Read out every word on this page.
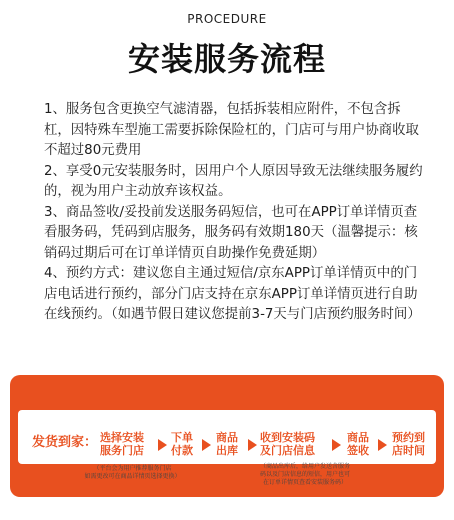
PROCEDURE
安装服务流程

1、服务包含更换空气滤清器，包括拆装相应附件，不包含拆杠，因特殊车型施工需要拆除保险杠的，门店可与用户协商收取不超过80元费用

2、享受0元安装服务时，因用户个人原因导致无法继续服务履约的，视为用户主动放弃该权益。

3、商品签收/妥投前发送服务码短信，也可在APP订单详情页查看服务码，凭码到店服务，服务码有效期180天（温馨提示：核销码过期后可在订单详情页自助操作免费延期）

4、预约方式：建议您自主通过短信/京东APP订单详情页中的门店电话进行预约，部分门店支持在京东APP订单详情页进行自助在线预约。（如遇节假日建议您提前3-7天与门店预约服务时间）

发货到家： 选择安装
服务门店
下单
付款
商品
出库
收到安装码
及门店信息
商品
签收
预约到
店时间
（平台会为用户推荐服务门店
如需更改可在商品详情页选择更换）
（商品出库后，给用户发送含服务
码以及门店信息的短信，用户也可
在订单详情页查看安装服务码）
